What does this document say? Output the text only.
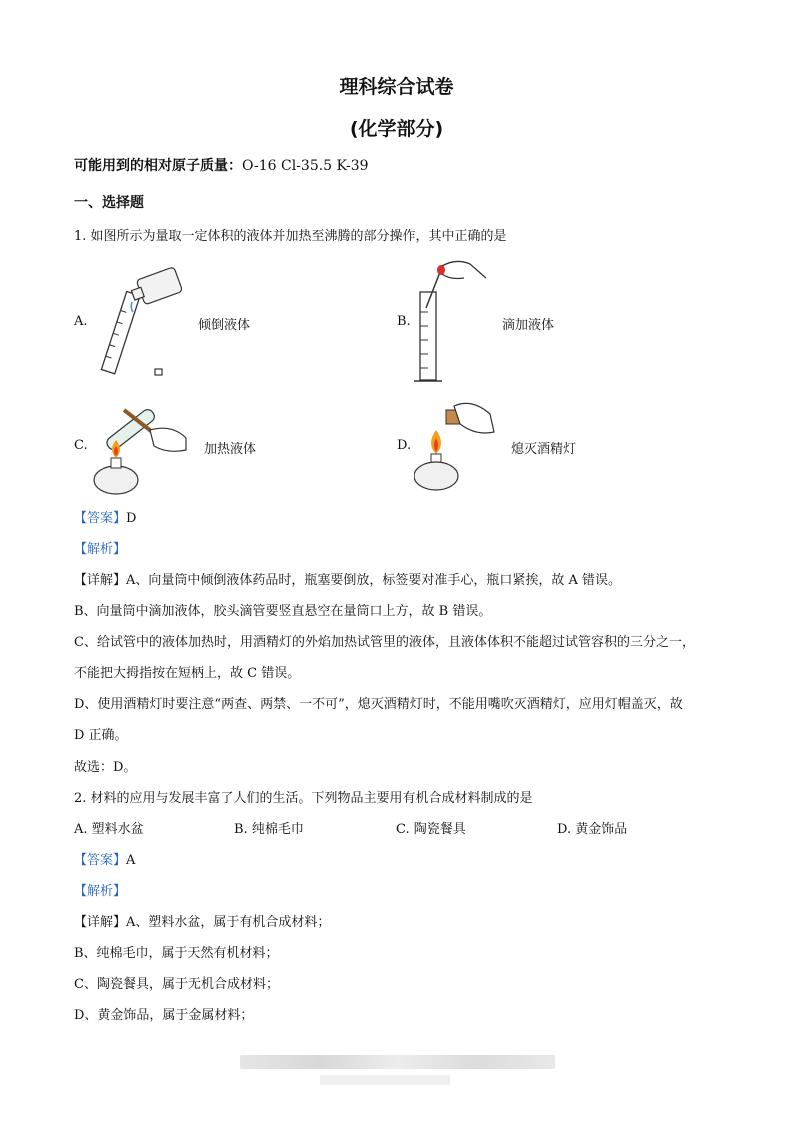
理科综合试卷
(化学部分)
可能用到的相对原子质量：O-16 Cl-35.5 K-39
一、选择题
1. 如图所示为量取一定体积的液体并加热至沸腾的部分操作，其中正确的是
A.	倾倒液体	B.	滴加液体
C.	加热液体	D.	熄灭酒精灯
【答案】D
【解析】
【详解】A、向量筒中倾倒液体药品时，瓶塞要倒放，标签要对准手心，瓶口紧挨，故 A 错误。
B、向量筒中滴加液体，胶头滴管要竖直悬空在量筒口上方，故 B 错误。
C、给试管中的液体加热时，用酒精灯的外焰加热试管里的液体，且液体体积不能超过试管容积的三分之一，
不能把大拇指按在短柄上，故 C 错误。
D、使用酒精灯时要注意“两查、两禁、一不可”，熄灭酒精灯时，不能用嘴吹灭酒精灯，应用灯帽盖灭，故
D 正确。
故选：D。
2. 材料的应用与发展丰富了人们的生活。下列物品主要用有机合成材料制成的是
A. 塑料水盆	B. 纯棉毛巾	C. 陶瓷餐具	D. 黄金饰品
【答案】A
【解析】
【详解】A、塑料水盆，属于有机合成材料；
B、纯棉毛巾，属于天然有机材料；
C、陶瓷餐具，属于无机合成材料；
D、黄金饰品，属于金属材料；
